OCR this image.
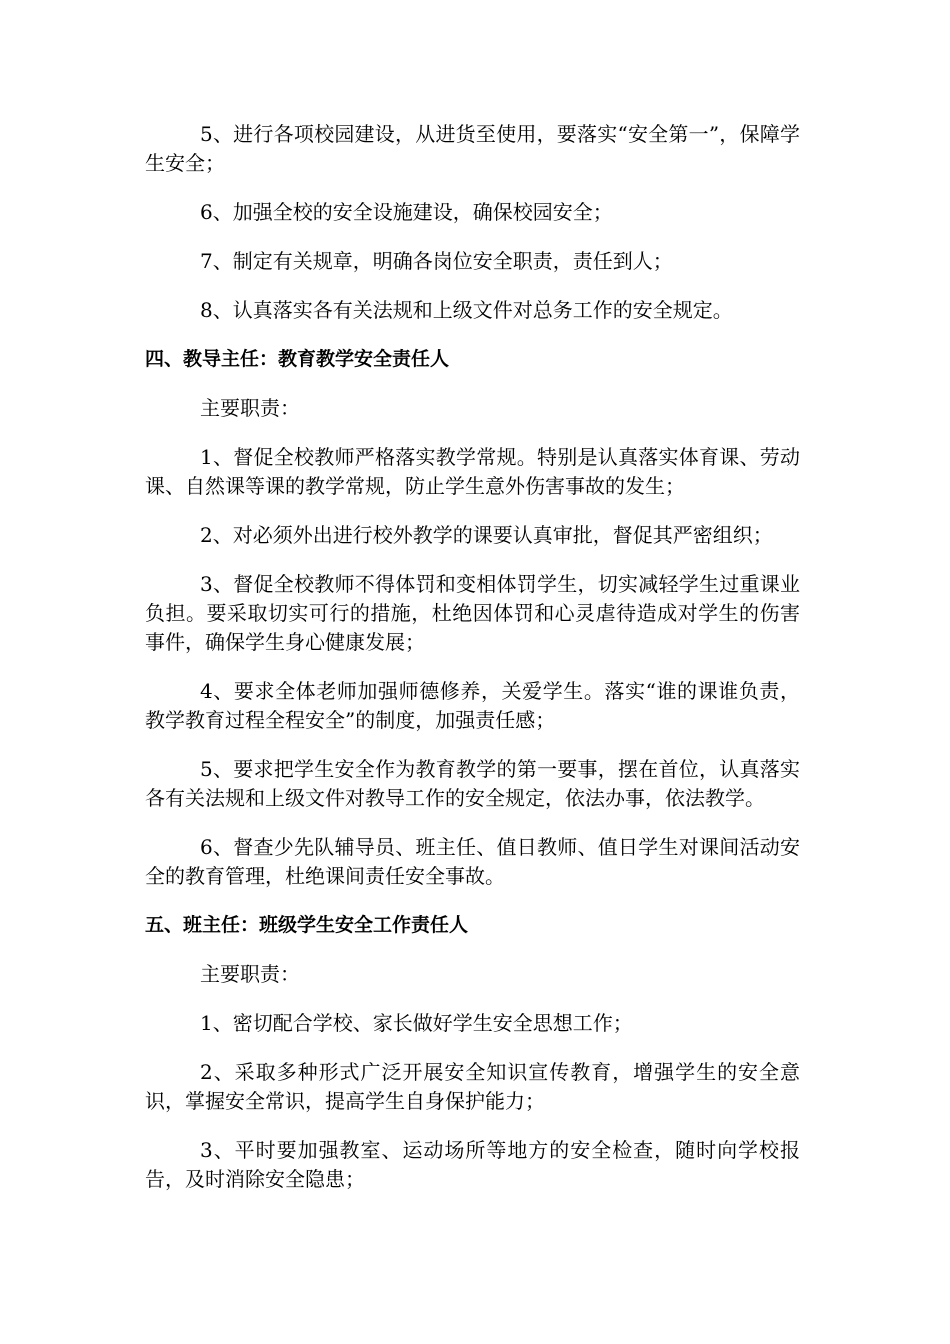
5、进行各项校园建设，从进货至使用，要落实“安全第一”，保障学生安全；

6、加强全校的安全设施建设，确保校园安全；

7、制定有关规章，明确各岗位安全职责，责任到人；

8、认真落实各有关法规和上级文件对总务工作的安全规定。

四、教导主任：教育教学安全责任人

主要职责：

1、督促全校教师严格落实教学常规。特别是认真落实体育课、劳动课、自然课等课的教学常规，防止学生意外伤害事故的发生；

2、对必须外出进行校外教学的课要认真审批，督促其严密组织；

3、督促全校教师不得体罚和变相体罚学生，切实减轻学生过重课业负担。要采取切实可行的措施，杜绝因体罚和心灵虐待造成对学生的伤害事件，确保学生身心健康发展；

4、要求全体老师加强师德修养，关爱学生。落实“谁的课谁负责，教学教育过程全程安全”的制度，加强责任感；

5、要求把学生安全作为教育教学的第一要事，摆在首位，认真落实各有关法规和上级文件对教导工作的安全规定，依法办事，依法教学。

6、督查少先队辅导员、班主任、值日教师、值日学生对课间活动安全的教育管理，杜绝课间责任安全事故。

五、班主任：班级学生安全工作责任人

主要职责：

1、密切配合学校、家长做好学生安全思想工作；

2、采取多种形式广泛开展安全知识宣传教育，增强学生的安全意识，掌握安全常识，提高学生自身保护能力；

3、平时要加强教室、运动场所等地方的安全检查，随时向学校报告，及时消除安全隐患；
